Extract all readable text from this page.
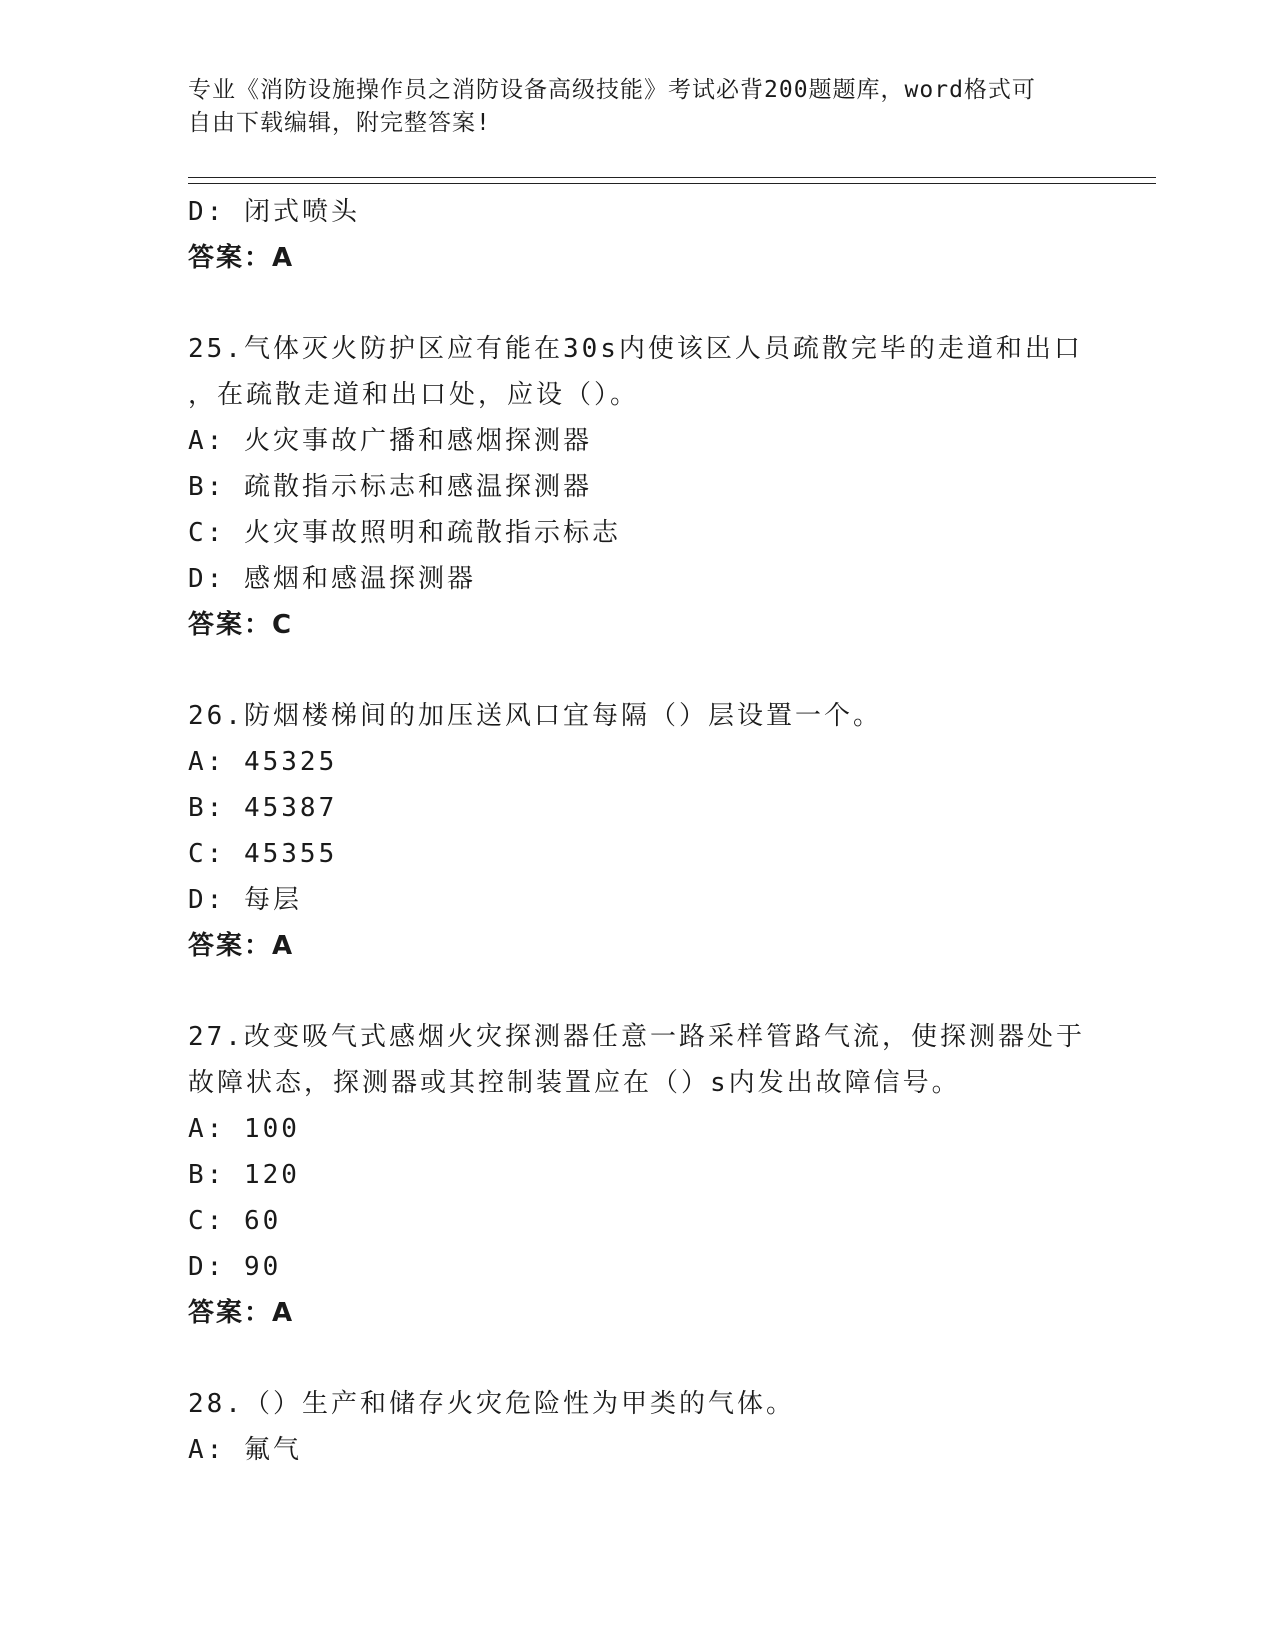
专业《消防设施操作员之消防设备高级技能》考试必背200题题库，word格式可
自由下载编辑，附完整答案!
D: 闭式喷头
答案：A
25.气体灭火防护区应有能在30s内使该区人员疏散完毕的走道和出口
，在疏散走道和出口处，应设（）。
A: 火灾事故广播和感烟探测器
B: 疏散指示标志和感温探测器
C: 火灾事故照明和疏散指示标志
D: 感烟和感温探测器
答案：C
26.防烟楼梯间的加压送风口宜每隔（）层设置一个。
A: 45325
B: 45387
C: 45355
D: 每层
答案：A
27.改变吸气式感烟火灾探测器任意一路采样管路气流，使探测器处于
故障状态，探测器或其控制装置应在（）s内发出故障信号。
A: 100
B: 120
C: 60
D: 90
答案：A
28.（）生产和储存火灾危险性为甲类的气体。
A: 氟气
